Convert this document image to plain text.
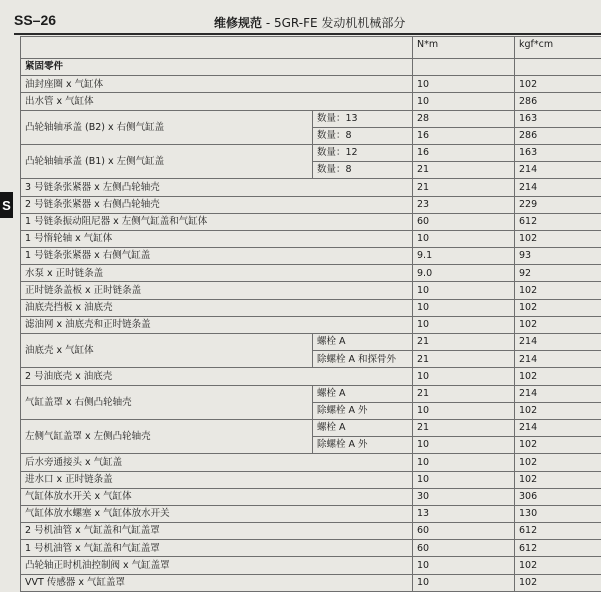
SS–26	维修规范 - 5GR-FE 发动机机械部分
S
		N*m	kgf*cm	
紧固零件				
油封座圈 x 气缸体		10	102	
出水管 x 气缸体		10	286	
凸轮轴轴承盖 (B2) x 右侧气缸盖	数量：13	28	163	
	数量：8	16	286	
凸轮轴轴承盖 (B1) x 左侧气缸盖	数量：12	16	163	
	数量：8	21	214	
3 号链条张紧器 x 左侧凸轮轴壳		21	214	
2 号链条张紧器 x 右侧凸轮轴壳		23	229	
1 号链条振动阻尼器 x 左侧气缸盖和气缸体		60	612	
1 号惰轮轴 x 气缸体		10	102	
1 号链条张紧器 x 右侧气缸盖		9.1	93	
水泵 x 正时链条盖		9.0	92	
正时链条盖板 x 正时链条盖		10	102	
油底壳挡板 x 油底壳		10	102	
滤油网 x 油底壳和正时链条盖		10	102	
油底壳 x 气缸体	螺栓 A	21	214	
	除螺栓 A 和探骨外	21	214	
2 号油底壳 x 油底壳		10	102	
气缸盖罩 x 右侧凸轮轴壳	螺栓 A	21	214	
	除螺栓 A 外	10	102	
左侧气缸盖罩 x 左侧凸轮轴壳	螺栓 A	21	214	
	除螺栓 A 外	10	102	
后水旁通接头 x 气缸盖		10	102	
进水口 x 正时链条盖		10	102	
气缸体放水开关 x 气缸体		30	306	
气缸体放水螺塞 x 气缸体放水开关		13	130	
2 号机油管 x 气缸盖和气缸盖罩		60	612	
1 号机油管 x 气缸盖和气缸盖罩		60	612	
凸轮轴正时机油控制阀 x 气缸盖罩		10	102	
VVT 传感器 x 气缸盖罩		10	102	
